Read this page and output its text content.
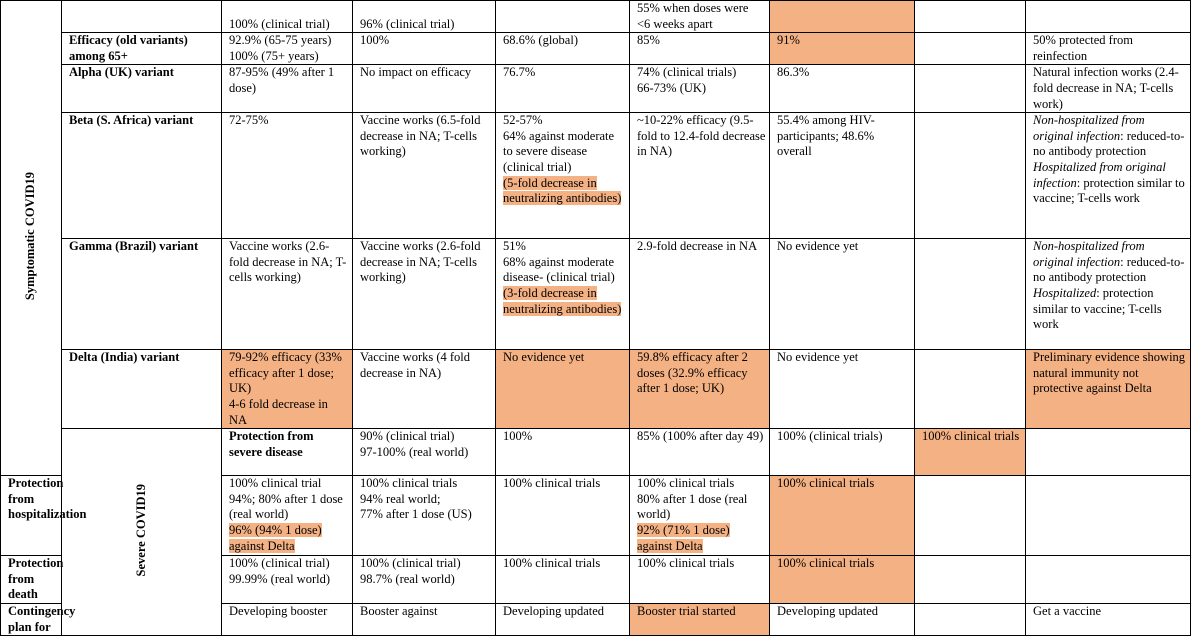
Symptomatic COVID19		100% (clinical trial)	96% (clinical trial)		55% when doses were
<6 weeks apart				

	Efficacy (old variants) among 65+	92.9% (65-75 years)
100% (75+ years)	100%	68.6% (global)	85%	91%		50% protected from reinfection	
	Alpha (UK) variant	87-95% (49% after 1 dose)	No impact on efficacy	76.7%	74% (clinical trials)
66-73% (UK)	86.3%		Natural infection works (2.4-fold decrease in NA; T-cells work)	
	Beta (S. Africa) variant	72-75%	Vaccine works (6.5-fold decrease in NA; T-cells working)	52-57%
64% against moderate to severe disease (clinical trial)
(5-fold decrease in neutralizing antibodies)	~10-22% efficacy (9.5-fold to 12.4-fold decrease in NA)	55.4% among HIV- participants; 48.6% overall		Non-hospitalized from original infection: reduced-to-no antibody protection
Hospitalized from original infection: protection similar to vaccine; T-cells work	
	Gamma (Brazil) variant	Vaccine works (2.6-fold decrease in NA; T-cells working)	Vaccine works (2.6-fold decrease in NA; T-cells working)	51%
68% against moderate disease- (clinical trial)
(3-fold decrease in neutralizing antibodies)	2.9-fold decrease in NA	No evidence yet		Non-hospitalized from original infection: reduced-to-no antibody protection
Hospitalized: protection similar to vaccine; T-cells work	
	Delta (India) variant	79-92% efficacy (33% efficacy after 1 dose; UK)
4-6 fold decrease in NA	Vaccine works (4 fold decrease in NA)	No evidence yet	59.8% efficacy after 2 doses (32.9% efficacy after 1 dose; UK)	No evidence yet		Preliminary evidence showing natural immunity not protective against Delta	
	Severe COVID19	Protection from severe disease	90% (clinical trial)
97-100% (real world)	100%	85% (100% after day 49)	100% (clinical trials)	100% clinical trials		
Protection from hospitalization		100% clinical trial
94%; 80% after 1 dose (real world)
96% (94% 1 dose) against Delta	100% clinical trials
94% real world;
77% after 1 dose (US)	100% clinical trials	100% clinical trials
80% after 1 dose (real world)
92% (71% 1 dose) against Delta	100% clinical trials			
Protection from death		100% (clinical trial)
99.99% (real world)	100% (clinical trial)
98.7% (real world)	100% clinical trials	100% clinical trials	100% clinical trials			
Contingency plan for		Developing booster	Booster against	Developing updated	Booster trial started	Developing updated		Get a vaccine	
